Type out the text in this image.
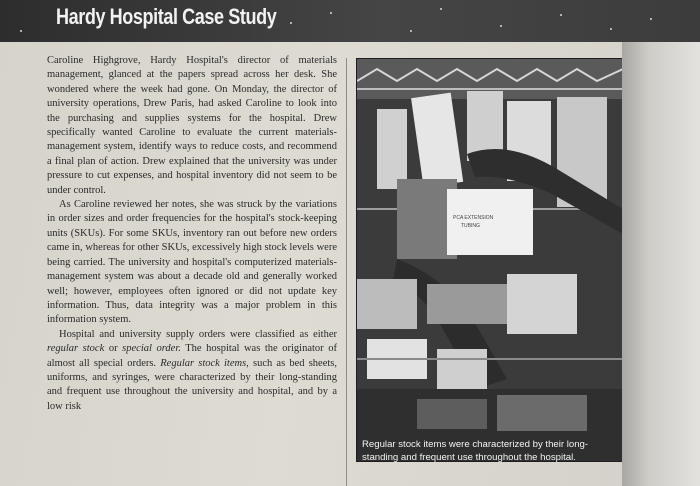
Hardy Hospital Case Study

Caroline Highgrove, Hardy Hospital's director of materials management, glanced at the papers spread across her desk. She wondered where the week had gone. On Monday, the director of university operations, Drew Paris, had asked Caroline to look into the purchasing and supplies systems for the hospital. Drew specifically wanted Caroline to evaluate the current materials-management system, identify ways to reduce costs, and recommend a final plan of action. Drew explained that the university was under pressure to cut expenses, and hospital inventory did not seem to be under control.

As Caroline reviewed her notes, she was struck by the variations in order sizes and order frequencies for the hospital's stock-keeping units (SKUs). For some SKUs, inventory ran out before new orders came in, whereas for other SKUs, excessively high stock levels were being carried. The university and hospital's computerized materials-management system was about a decade old and generally worked well; however, employees often ignored or did not update key information. Thus, data integrity was a major problem in this information system.

Hospital and university supply orders were classified as either regular stock or special order. The hospital was the originator of almost all special orders. Regular stock items, such as bed sheets, uniforms, and syringes, were characterized by their long-standing and frequent use throughout the university and hospital, and by a low risk

PCA EXTENSION
TUBING
Regular stock items were characterized by their long-standing and frequent use throughout the hospital.
